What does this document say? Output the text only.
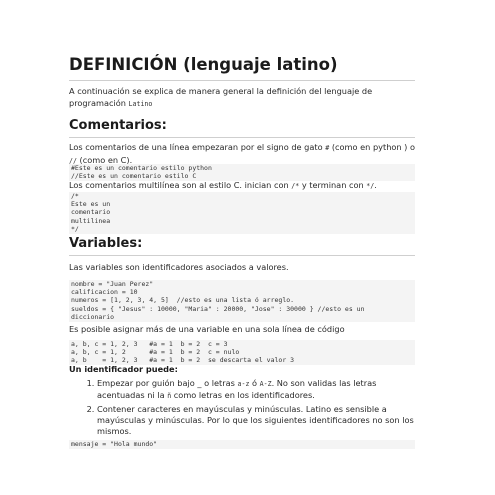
DEFINICIÓN (lenguaje latino)
A continuación se explica de manera general la definición del lenguaje de programación Latino
Comentarios:
Los comentarios de una línea empezaran por el signo de gato # (como en python ) o // (como en C).
#Este es un comentario estilo python
//Este es un comentario estilo C
Los comentarios multilínea son al estilo C. inician con /* y terminan con */.
/*
Este es un
comentario
multilinea
*/
Variables:
Las variables son identificadores asociados a valores.
nombre = "Juan Perez"
calificacion = 10
numeros = [1, 2, 3, 4, 5]  //esto es una lista ó arreglo.
sueldos = { "Jesus" : 10000, "Maria" : 20000, "Jose" : 30000 } //esto es un
diccionario
Es posible asignar más de una variable en una sola línea de código
a, b, c = 1, 2, 3   #a = 1  b = 2  c = 3
a, b, c = 1, 2      #a = 1  b = 2  c = nulo
a, b    = 1, 2, 3   #a = 1  b = 2  se descarta el valor 3
Un identificador puede:
1. Empezar por guión bajo _ o letras a-z ó A-Z. No son validas las letras acentuadas ni la ñ como letras en los identificadores.
2. Contener caracteres en mayúsculas y minúsculas. Latino es sensible a mayúsculas y minúsculas. Por lo que los siguientes identificadores no son los mismos.
mensaje = "Hola mundo"
